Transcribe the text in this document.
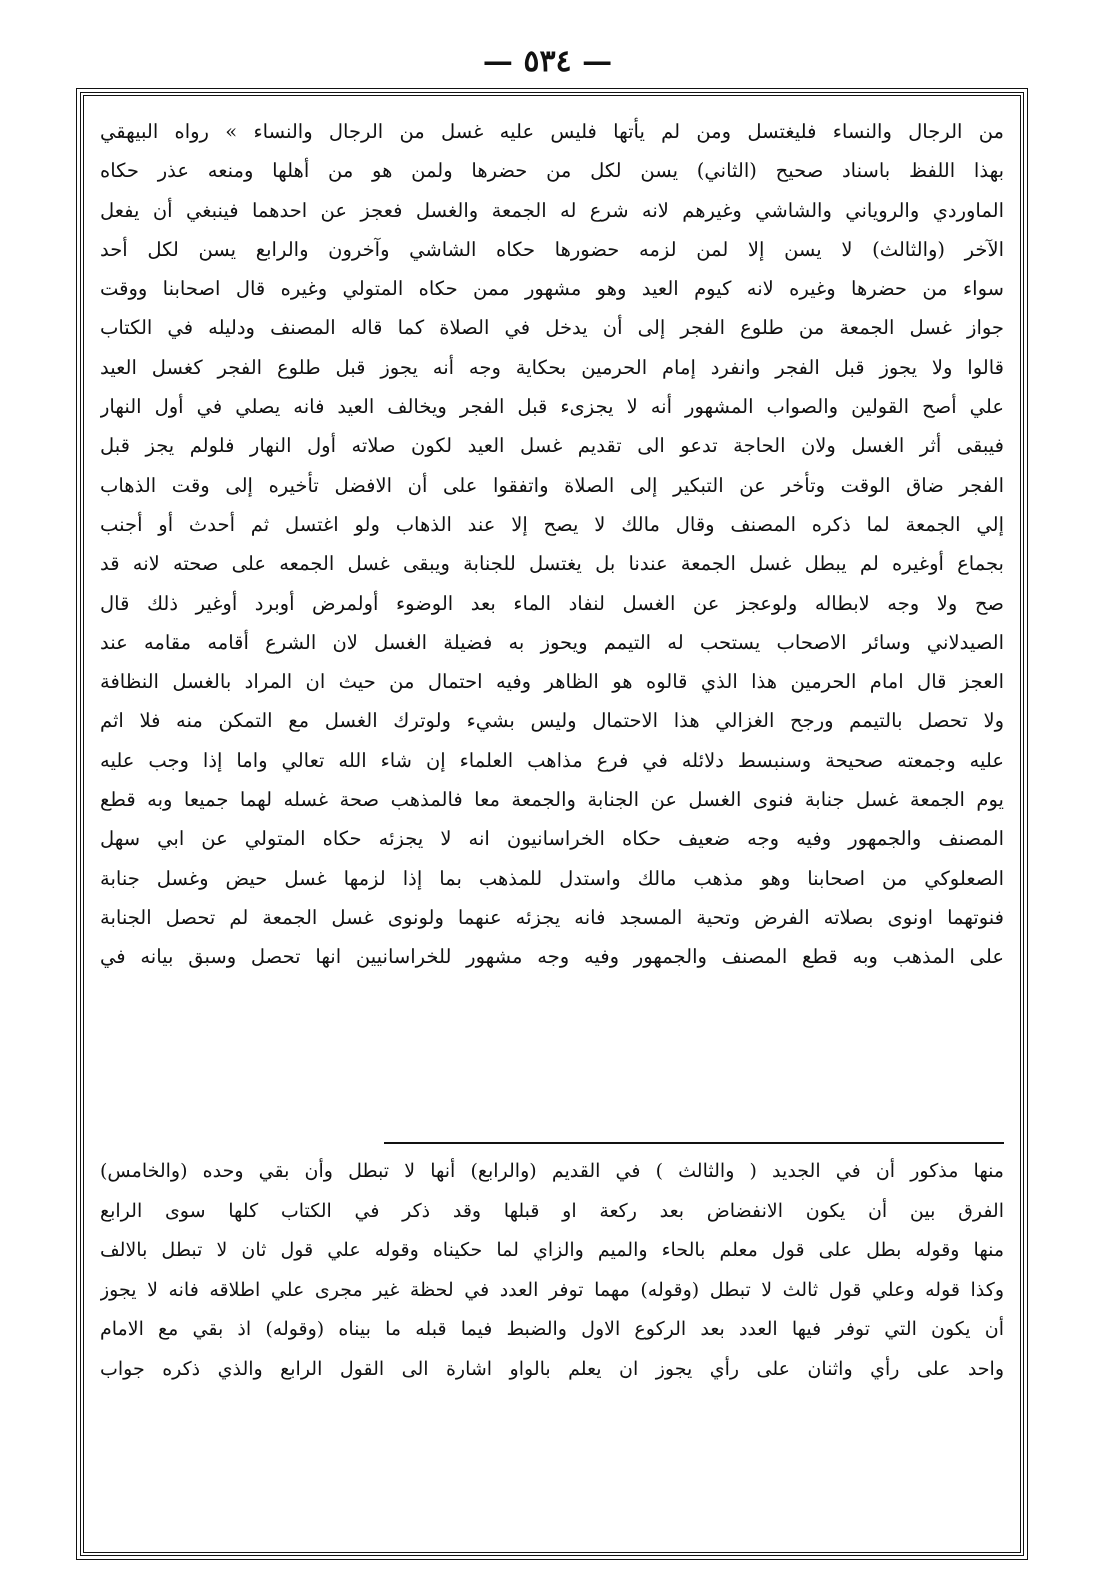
— ٥٣٤ —
من الرجال والنساء فليغتسل ومن لم يأتها فليس عليه غسل من الرجال والنساء » رواه البيهقي
بهذا اللفظ باسناد صحيح (الثاني) يسن لكل من حضرها ولمن هو من أهلها ومنعه عذر حكاه
الماوردي والروياني والشاشي وغيرهم لانه شرع له الجمعة والغسل فعجز عن احدهما فينبغي أن يفعل
الآخر (والثالث) لا يسن إلا لمن لزمه حضورها حكاه الشاشي وآخرون والرابع يسن لكل أحد
سواء من حضرها وغيره لانه كيوم العيد وهو مشهور ممن حكاه المتولي وغيره قال اصحابنا ووقت
جواز غسل الجمعة من طلوع الفجر إلى أن يدخل في الصلاة كما قاله المصنف ودليله في الكتاب
قالوا ولا يجوز قبل الفجر وانفرد إمام الحرمين بحكاية وجه أنه يجوز قبل طلوع الفجر كغسل العيد
علي أصح القولين والصواب المشهور أنه لا يجزىء قبل الفجر ويخالف العيد فانه يصلي في أول النهار
فيبقى أثر الغسل ولان الحاجة تدعو الى تقديم غسل العيد لكون صلاته أول النهار فلولم يجز قبل
الفجر ضاق الوقت وتأخر عن التبكير إلى الصلاة واتفقوا على أن الافضل تأخيره إلى وقت الذهاب
إلي الجمعة لما ذكره المصنف وقال مالك لا يصح إلا عند الذهاب ولو اغتسل ثم أحدث أو أجنب
بجماع أوغيره لم يبطل غسل الجمعة عندنا بل يغتسل للجنابة ويبقى غسل الجمعه على صحته لانه قد
صح ولا وجه لابطاله ولوعجز عن الغسل لنفاد الماء بعد الوضوء أولمرض أوبرد أوغير ذلك قال
الصيدلاني وسائر الاصحاب يستحب له التيمم ويحوز به فضيلة الغسل لان الشرع أقامه مقامه عند
العجز قال امام الحرمين هذا الذي قالوه هو الظاهر وفيه احتمال من حيث ان المراد بالغسل النظافة
ولا تحصل بالتيمم ورجح الغزالي هذا الاحتمال وليس بشيء ولوترك الغسل مع التمكن منه فلا اثم
عليه وجمعته صحيحة وسنبسط دلائله في فرع مذاهب العلماء إن شاء الله تعالي واما إذا وجب عليه
يوم الجمعة غسل جنابة فنوى الغسل عن الجنابة والجمعة معا فالمذهب صحة غسله لهما جميعا وبه قطع
المصنف والجمهور وفيه وجه ضعيف حكاه الخراسانيون انه لا يجزئه حكاه المتولي عن ابي سهل
الصعلوكي من اصحابنا وهو مذهب مالك واستدل للمذهب بما إذا لزمها غسل حيض وغسل جنابة
فنوتهما اونوى بصلاته الفرض وتحية المسجد فانه يجزئه عنهما ولونوى غسل الجمعة لم تحصل الجنابة
على المذهب وبه قطع المصنف والجمهور وفيه وجه مشهور للخراسانيين انها تحصل وسبق بيانه في
منها مذكور أن في الجديد ( والثالث ) في القديم (والرابع) أنها لا تبطل وأن بقي وحده (والخامس)
الفرق بين أن يكون الانفضاض بعد ركعة او قبلها وقد ذكر في الكتاب كلها سوى الرابع
منها وقوله بطل على قول معلم بالحاء والميم والزاي لما حكيناه وقوله علي قول ثان لا تبطل بالالف
وكذا قوله وعلي قول ثالث لا تبطل (وقوله) مهما توفر العدد في لحظة غير مجرى علي اطلاقه فانه لا يجوز
أن يكون التي توفر فيها العدد بعد الركوع الاول والضبط فيما قبله ما بيناه (وقوله) اذ بقي مع الامام
واحد على رأي واثنان على رأي يجوز ان يعلم بالواو اشارة الى القول الرابع والذي ذكره جواب
